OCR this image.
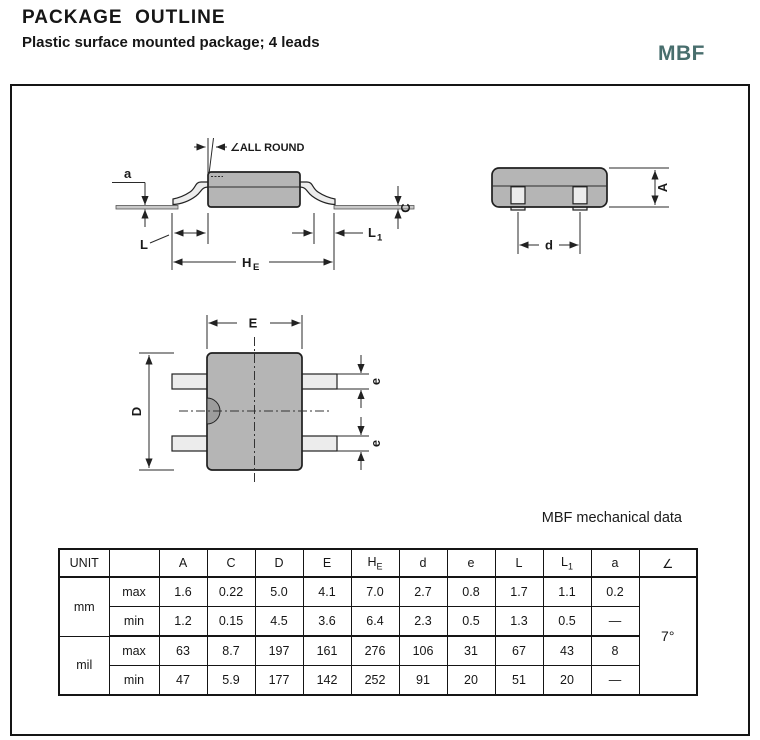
PACKAGE  OUTLINE
Plastic surface mounted package; 4 leads	MBF
∠ALL ROUND
a
L
L 1
C
H E
d
A
E
D
e
e
MBF mechanical data
UNIT		A	C	D	E	$H_E$	d	e	L	$L_1$	a	∠
mm	max	1.6	0.22	5.0	4.1	7.0	2.7	0.8	1.7	1.1	0.2	7°
	min	1.2	0.15	4.5	3.6	6.4	2.3	0.5	1.3	0.5	—	
mil	max	63	8.7	197	161	276	106	31	67	43	8	
	min	47	5.9	177	142	252	91	20	51	20	—	
